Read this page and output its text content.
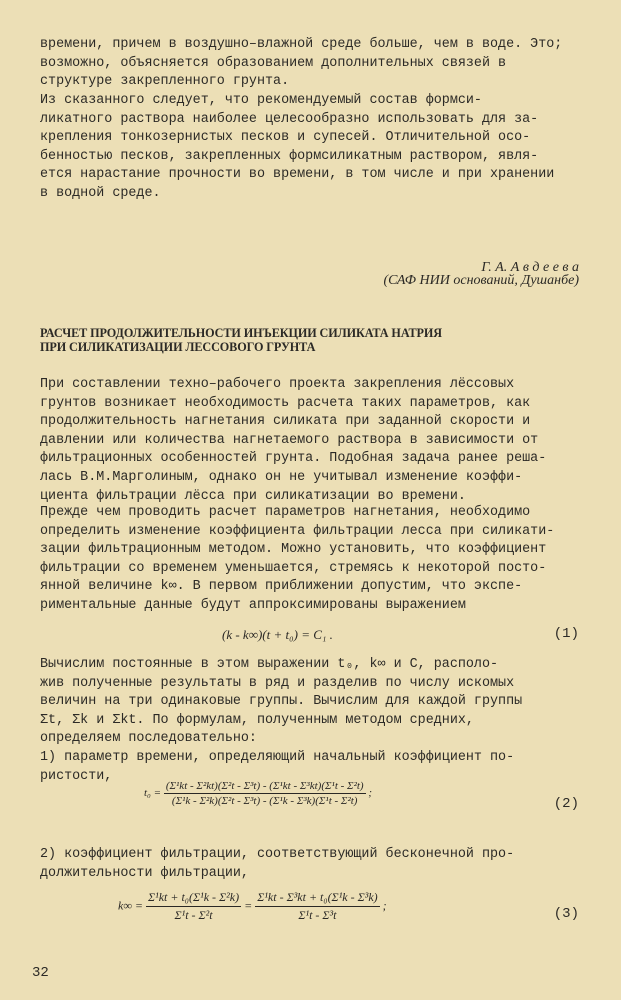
времени, причем в воздушно–влажной среде больше, чем в воде. Это;
возможно, объясняется образованием дополнительных связей в
структуре закрепленного грунта.

Из сказанного следует, что рекомендуемый состав формси-
ликатного раствора наиболее целесообразно использовать для за-
крепления тонкозернистых песков и супесей. Отличительной осо-
бенностью песков, закрепленных формсиликатным раствором, явля-
ется нарастание прочности во времени, в том числе и при хранении
в водной среде.

Г. А. А в д е е в а
(САФ НИИ оснований, Душанбе)
РАСЧЕТ ПРОДОЛЖИТЕЛЬНОСТИ ИНЪЕКЦИИ СИЛИКАТА НАТРИЯ
ПРИ СИЛИКАТИЗАЦИИ ЛЕССОВОГО ГРУНТА

При составлении техно–рабочего проекта закрепления лёссовых
грунтов возникает необходимость расчета таких параметров, как
продолжительность нагнетания силиката при заданной скорости и
давлении или количества нагнетаемого раствора в зависимости от
фильтрационных особенностей грунта. Подобная задача ранее реша-
лась В.М.Марголиным, однако он не учитывал изменение коэффи-
циента фильтрации лёсса при силикатизации во времени.

Прежде чем проводить расчет параметров нагнетания, необходимо
определить изменение коэффициента фильтрации лесса при силикати-
зации фильтрационным методом. Можно установить, что коэффициент
фильтрации со временем уменьшается, стремясь к некоторой посто-
янной величине k∞. В первом приближении допустим, что экспе-
риментальные данные будут аппроксимированы выражением

(k - k∞)(t + t₀) = C₁ .	(1)

Вычислим постоянные в этом выражении t₀, k∞ и C, располо-
жив полученные результаты в ряд и разделив по числу искомых
величин на три одинаковые группы. Вычислим для каждой группы
Σt, Σk и Σkt. По формулам, полученным методом средних,
определяем последовательно:
1) параметр времени, определяющий начальный коэффициент по-
ристости,

$t_0 = \frac{\text{(Σ¹kt - Σ²kt)(Σ²t - Σ³t) - (Σ¹kt - Σ³kt)(Σ¹t - Σ²t)}}{\text{(Σ¹k - Σ²k)(Σ²t - Σ³t) - (Σ¹k - Σ³k)(Σ¹t - Σ²t)}}$ ;
(2)

2) коэффициент фильтрации, соответствующий бесконечной про-
должительности фильтрации,

$k\infty = \frac{\text{Σ¹kt + t₀(Σ¹k - Σ²k)}}{\text{Σ¹t - Σ²t}} = \frac{\text{Σ¹kt - Σ³kt + t₀(Σ¹k - Σ³k)}}{\text{Σ¹t - Σ³t}}$ ;
(3)
32
